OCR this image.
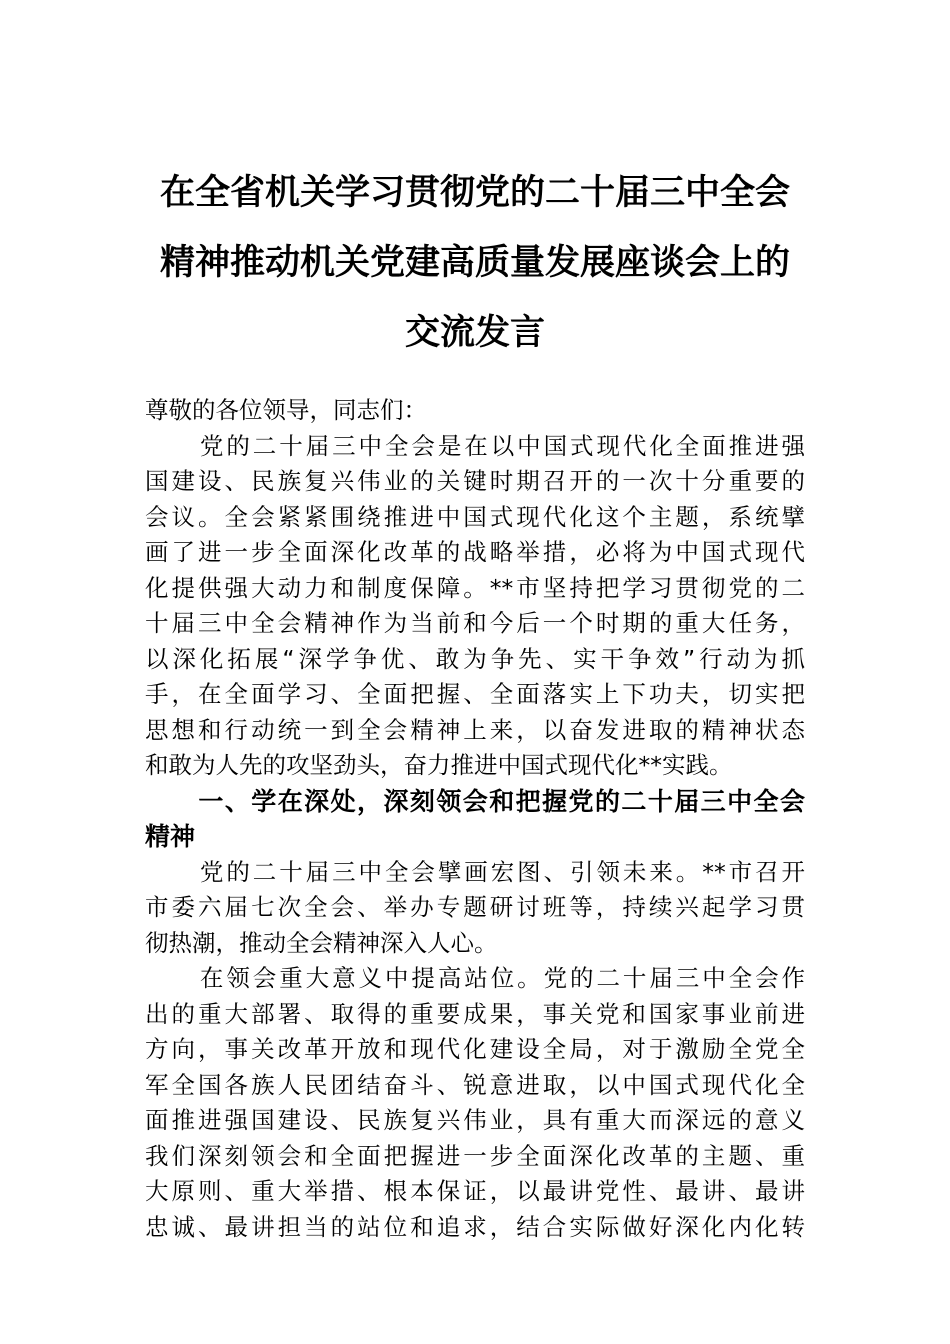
在全省机关学习贯彻党的二十届三中全会
精神推动机关党建高质量发展座谈会上的
交流发言
尊敬的各位领导，同志们：
党的二十届三中全会是在以中国式现代化全面推进强
国建设、民族复兴伟业的关键时期召开的一次十分重要的
会议。全会紧紧围绕推进中国式现代化这个主题，系统擘
画了进一步全面深化改革的战略举措，必将为中国式现代
化提供强大动力和制度保障。**市坚持把学习贯彻党的二
十届三中全会精神作为当前和今后一个时期的重大任务，
以深化拓展“深学争优、敢为争先、实干争效”行动为抓
手，在全面学习、全面把握、全面落实上下功夫，切实把
思想和行动统一到全会精神上来，以奋发进取的精神状态
和敢为人先的攻坚劲头，奋力推进中国式现代化**实践。
一、学在深处，深刻领会和把握党的二十届三中全会
精神
党的二十届三中全会擘画宏图、引领未来。**市召开
市委六届七次全会、举办专题研讨班等，持续兴起学习贯
彻热潮，推动全会精神深入人心。
在领会重大意义中提高站位。党的二十届三中全会作
出的重大部署、取得的重要成果，事关党和国家事业前进
方向，事关改革开放和现代化建设全局，对于激励全党全
军全国各族人民团结奋斗、锐意进取，以中国式现代化全
面推进强国建设、民族复兴伟业，具有重大而深远的意义
我们深刻领会和全面把握进一步全面深化改革的主题、重
大原则、重大举措、根本保证，以最讲党性、最讲、最讲
忠诚、最讲担当的站位和追求，结合实际做好深化内化转
